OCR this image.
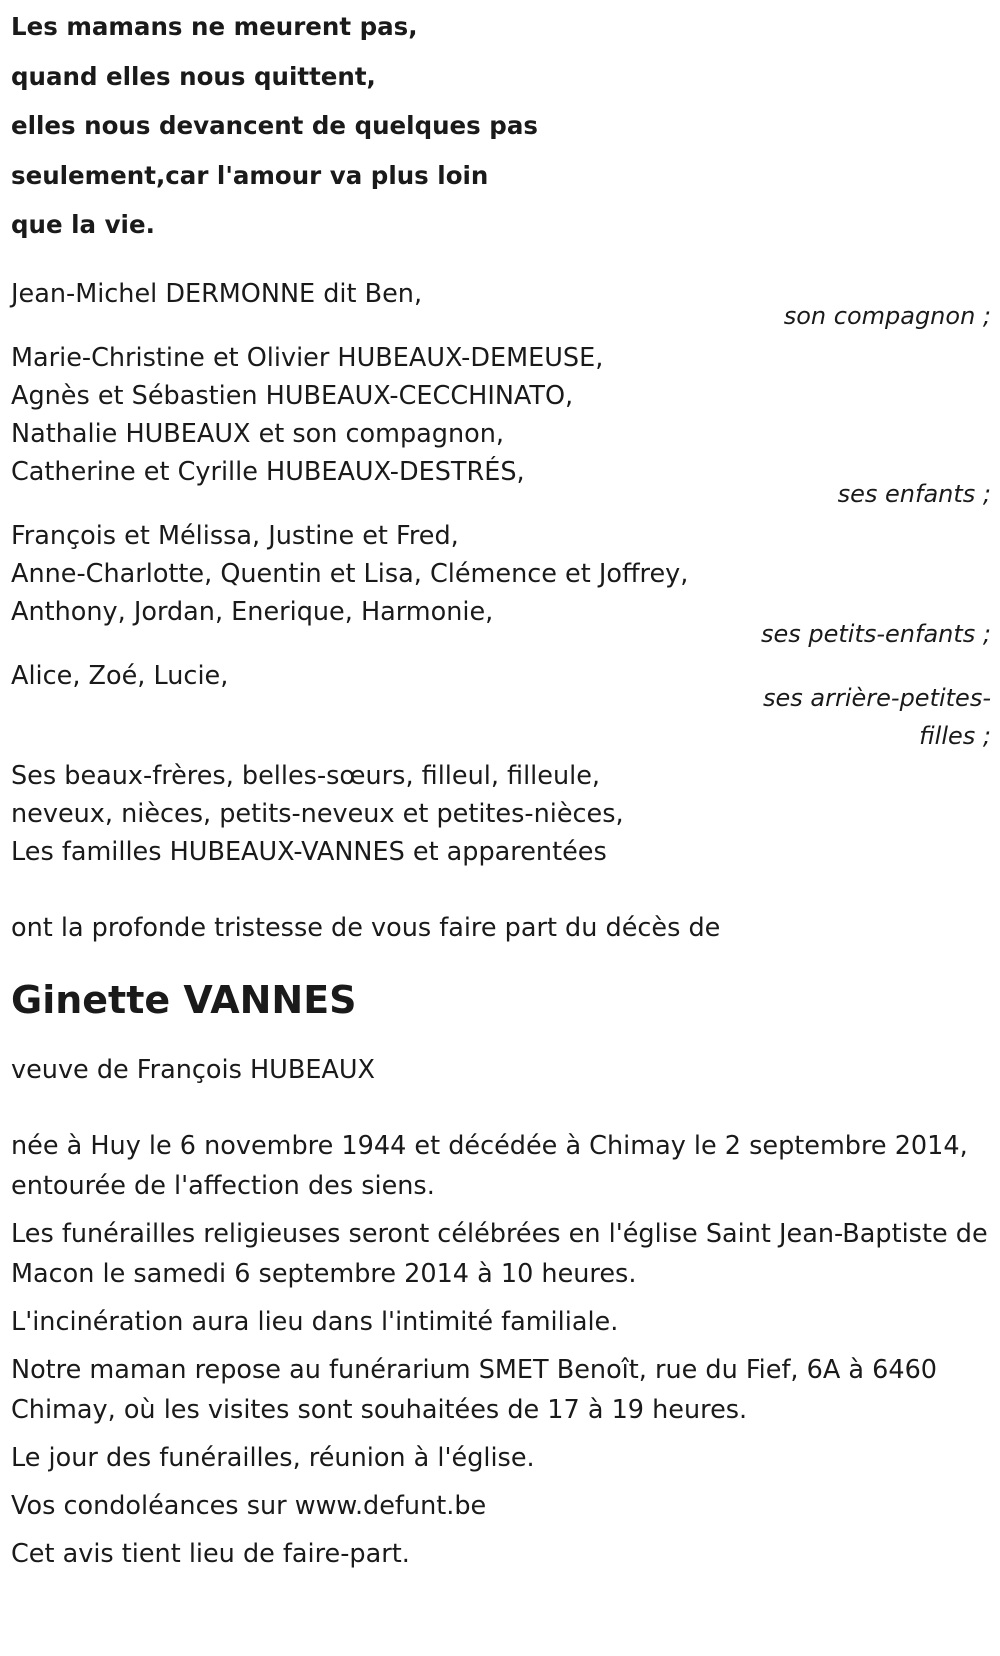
Les mamans ne meurent pas,
quand elles nous quittent,
elles nous devancent de quelques pas
seulement,car l'amour va plus loin
que la vie.
Jean-Michel DERMONNE dit Ben,
son compagnon ;
Marie-Christine et Olivier HUBEAUX-DEMEUSE,
Agnès et Sébastien HUBEAUX-CECCHINATO,
Nathalie HUBEAUX et son compagnon,
Catherine et Cyrille HUBEAUX-DESTRÉS,
ses enfants ;
François et Mélissa, Justine et Fred,
Anne-Charlotte, Quentin et Lisa, Clémence et Joffrey,
Anthony, Jordan, Enerique, Harmonie,
ses petits-enfants ;
Alice, Zoé, Lucie,
ses arrière-petites-
filles ;
Ses beaux-frères, belles-sœurs, filleul, filleule,
neveux, nièces, petits-neveux et petites-nièces,
Les familles HUBEAUX-VANNES et apparentées
ont la profonde tristesse de vous faire part du décès de
Ginette VANNES
veuve de François HUBEAUX
née à Huy le 6 novembre 1944 et décédée à Chimay le 2 septembre 2014, entourée de l'affection des siens.
Les funérailles religieuses seront célébrées en l'église Saint Jean-Baptiste de Macon le samedi 6 septembre 2014 à 10 heures.
L'incinération aura lieu dans l'intimité familiale.
Notre maman repose au funérarium SMET Benoît, rue du Fief, 6A à 6460 Chimay, où les visites sont souhaitées de 17 à 19 heures.
Le jour des funérailles, réunion à l'église.
Vos condoléances sur www.defunt.be
Cet avis tient lieu de faire-part.
